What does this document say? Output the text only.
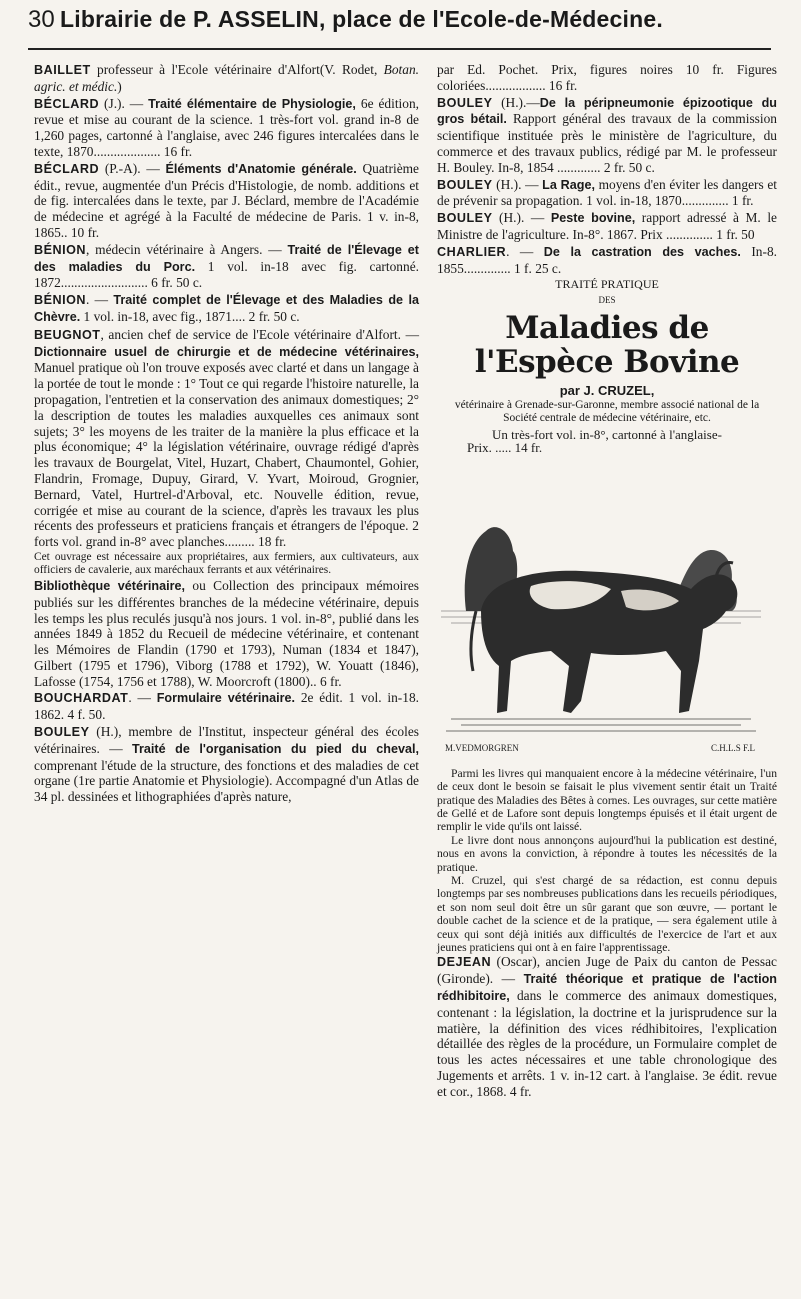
30 Librairie de P. ASSELIN, place de l'Ecole-de-Médecine.
BAILLET professeur à l'Ecole vétérinaire d'Alfort(V. Rodet, Botan. agric. et médic.)
BÉCLARD (J.). — Traité élémentaire de Physiologie, 6e édition, revue et mise au courant de la science. 1 très-fort vol. grand in-8 de 1,260 pages, cartonné à l'anglaise, avec 246 figures intercalées dans le texte, 1870.................... 16 fr.
BÉCLARD (P.-A). — Éléments d'Anatomie générale. Quatrième édit., revue, augmentée d'un Précis d'Histologie, de nomb. additions et de fig. intercalées dans le texte, par J. Béclard, membre de l'Académie de médecine et agrégé à la Faculté de médecine de Paris. 1 v. in-8, 1865.. 10 fr.
BÉNION, médecin vétérinaire à Angers. — Traité de l'Élevage et des maladies du Porc. 1 vol. in-18 avec fig. cartonné. 1872.......................... 6 fr. 50 c.
BÉNION. — Traité complet de l'Élevage et des Maladies de la Chèvre. 1 vol. in-18, avec fig., 1871.... 2 fr. 50 c.
BEUGNOT, ancien chef de service de l'Ecole vétérinaire d'Alfort. — Dictionnaire usuel de chirurgie et de médecine vétérinaires, Manuel pratique où l'on trouve exposés avec clarté et dans un langage à la portée de tout le monde : 1° Tout ce qui regarde l'histoire naturelle, la propagation, l'entretien et la conservation des animaux domestiques; 2° la description de toutes les maladies auxquelles ces animaux sont sujets; 3° les moyens de les traiter de la manière la plus efficace et la plus économique; 4° la législation vétérinaire, ouvrage rédigé d'après les travaux de Bourgelat, Vitel, Huzart, Chabert, Chaumontel, Gohier, Flandrin, Fromage, Dupuy, Girard, V. Yvart, Moiroud, Grognier, Bernard, Vatel, Hurtrel-d'Arboval, etc. Nouvelle édition, revue, corrigée et mise au courant de la science, d'après les travaux les plus récents des professeurs et praticiens français et étrangers de l'époque. 2 forts vol. grand in-8° avec planches......... 18 fr.
Cet ouvrage est nécessaire aux propriétaires, aux fermiers, aux cultivateurs, aux officiers de cavalerie, aux maréchaux ferrants et aux vétérinaires.
Bibliothèque vétérinaire, ou Collection des principaux mémoires publiés sur les différentes branches de la médecine vétérinaire, depuis les temps les plus reculés jusqu'à nos jours. 1 vol. in-8°, publié dans les années 1849 à 1852 du Recueil de médecine vétérinaire, et contenant les Mémoires de Flandin (1790 et 1793), Numan (1834 et 1847), Gilbert (1795 et 1796), Viborg (1788 et 1792), W. Youatt (1846), Lafosse (1754, 1756 et 1788), W. Moorcroft (1800).. 6 fr.
BOUCHARDAT. — Formulaire vétérinaire. 2e édit. 1 vol. in-18. 1862. 4 f. 50.
BOULEY (H.), membre de l'Institut, inspecteur général des écoles vétérinaires. — Traité de l'organisation du pied du cheval, comprenant l'étude de la structure, des fonctions et des maladies de cet organe (1re partie Anatomie et Physiologie). Accompagné d'un Atlas de 34 pl. dessinées et lithographiées d'après nature,
par Ed. Pochet. Prix, figures noires 10 fr. Figures coloriées.................. 16 fr.
BOULEY (H.).—De la péripneumonie épizootique du gros bétail. Rapport général des travaux de la commission scientifique instituée près le ministère de l'agriculture, du commerce et des travaux publics, rédigé par M. le professeur H. Bouley. In-8, 1854 ............. 2 fr. 50 c.
BOULEY (H.). — La Rage, moyens d'en éviter les dangers et de prévenir sa propagation. 1 vol. in-18, 1870.............. 1 fr.
BOULEY (H.). — Peste bovine, rapport adressé à M. le Ministre de l'agriculture. In-8°. 1867. Prix .............. 1 fr. 50
CHARLIER. — De la castration des vaches. In-8. 1855.............. 1 f. 25 c.
TRAITÉ PRATIQUE
DES
Maladies de l'Espèce Bovine
par J. CRUZEL,
vétérinaire à Grenade-sur-Garonne, membre associé national de la Société centrale de médecine vétérinaire, etc.
Un très-fort vol. in-8°, cartonné à l'anglaise-
Prix. ..... 14 fr.
M.VEDMORGREN	C.H.L.S F.L

Parmi les livres qui manquaient encore à la médecine vétérinaire, l'un de ceux dont le besoin se faisait le plus vivement sentir était un Traité pratique des Maladies des Bêtes à cornes. Les ouvrages, sur cette matière de Gellé et de Lafore sont depuis longtemps épuisés et il était urgent de remplir le vide qu'ils ont laissé.

Le livre dont nous annonçons aujourd'hui la publication est destiné, nous en avons la conviction, à répondre à toutes les nécessités de la pratique.

M. Cruzel, qui s'est chargé de sa rédaction, est connu depuis longtemps par ses nombreuses publications dans les recueils périodiques, et son nom seul doit être un sûr garant que son œuvre, — portant le double cachet de la science et de la pratique, — sera également utile à ceux qui sont déjà initiés aux difficultés de l'exercice de l'art et aux jeunes praticiens qui ont à en faire l'apprentissage.

DEJEAN (Oscar), ancien Juge de Paix du canton de Pessac (Gironde). — Traité théorique et pratique de l'action rédhibitoire, dans le commerce des animaux domestiques, contenant : la législation, la doctrine et la jurisprudence sur la matière, la définition des vices rédhibitoires, l'explication détaillée des règles de la procédure, un Formulaire complet de tous les actes nécessaires et une table chronologique des Jugements et arrêts. 1 v. in-12 cart. à l'anglaise. 3e édit. revue et cor., 1868. 4 fr.
